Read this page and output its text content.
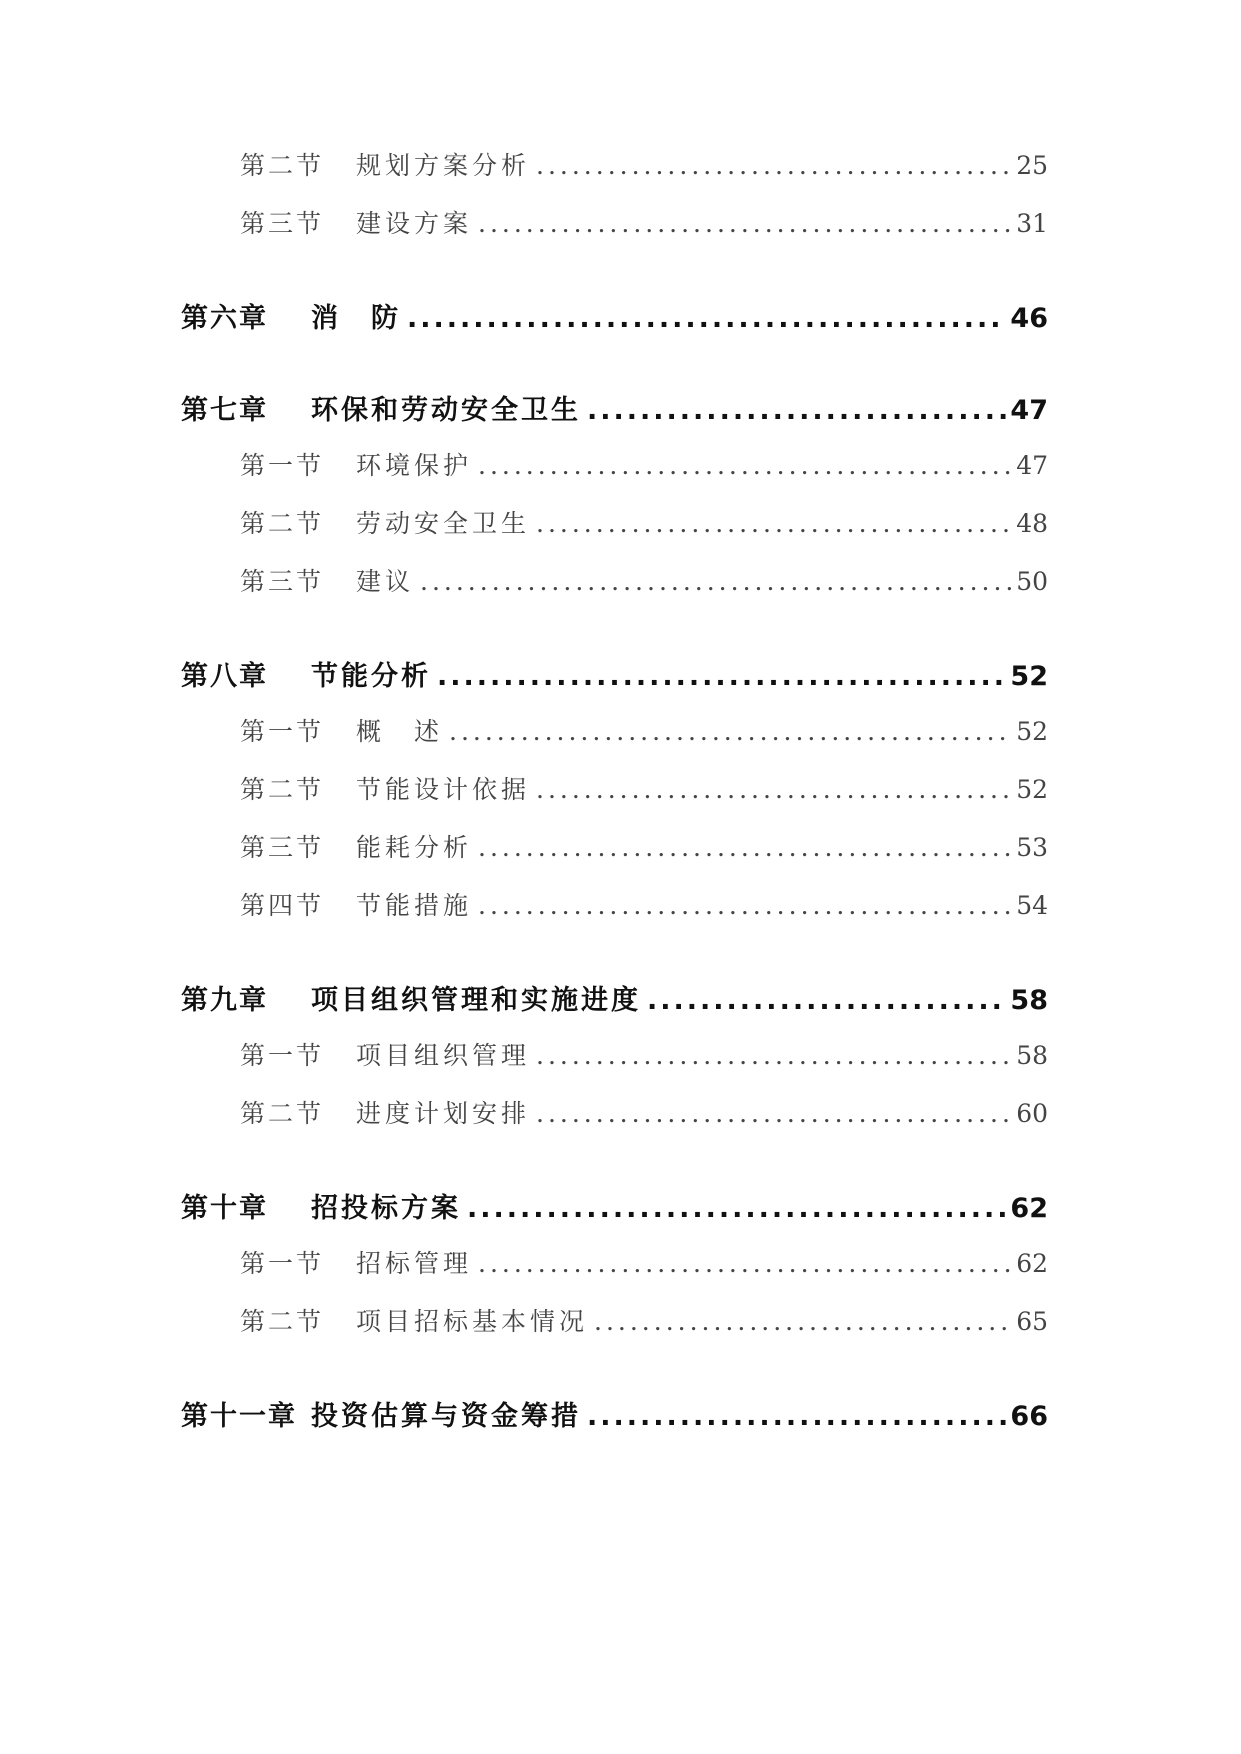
第二节	规划方案分析 .....	25
第三节	建设方案 .....	31
第六章	消　防 .....	46
第七章	环保和劳动安全卫生 .....	47
第一节	环境保护 .....	47
第二节	劳动安全卫生 .....	48
第三节	建议 .....	50
第八章	节能分析 .....	52
第一节	概　述 .....	52
第二节	节能设计依据 .....	52
第三节	能耗分析 .....	53
第四节	节能措施 .....	54
第九章	项目组织管理和实施进度 .....	58
第一节	项目组织管理 .....	58
第二节	进度计划安排 .....	60
第十章	招投标方案 .....	62
第一节	招标管理 .....	62
第二节	项目招标基本情况 .....	65
第十一章 投资估算与资金筹措 .....	66
